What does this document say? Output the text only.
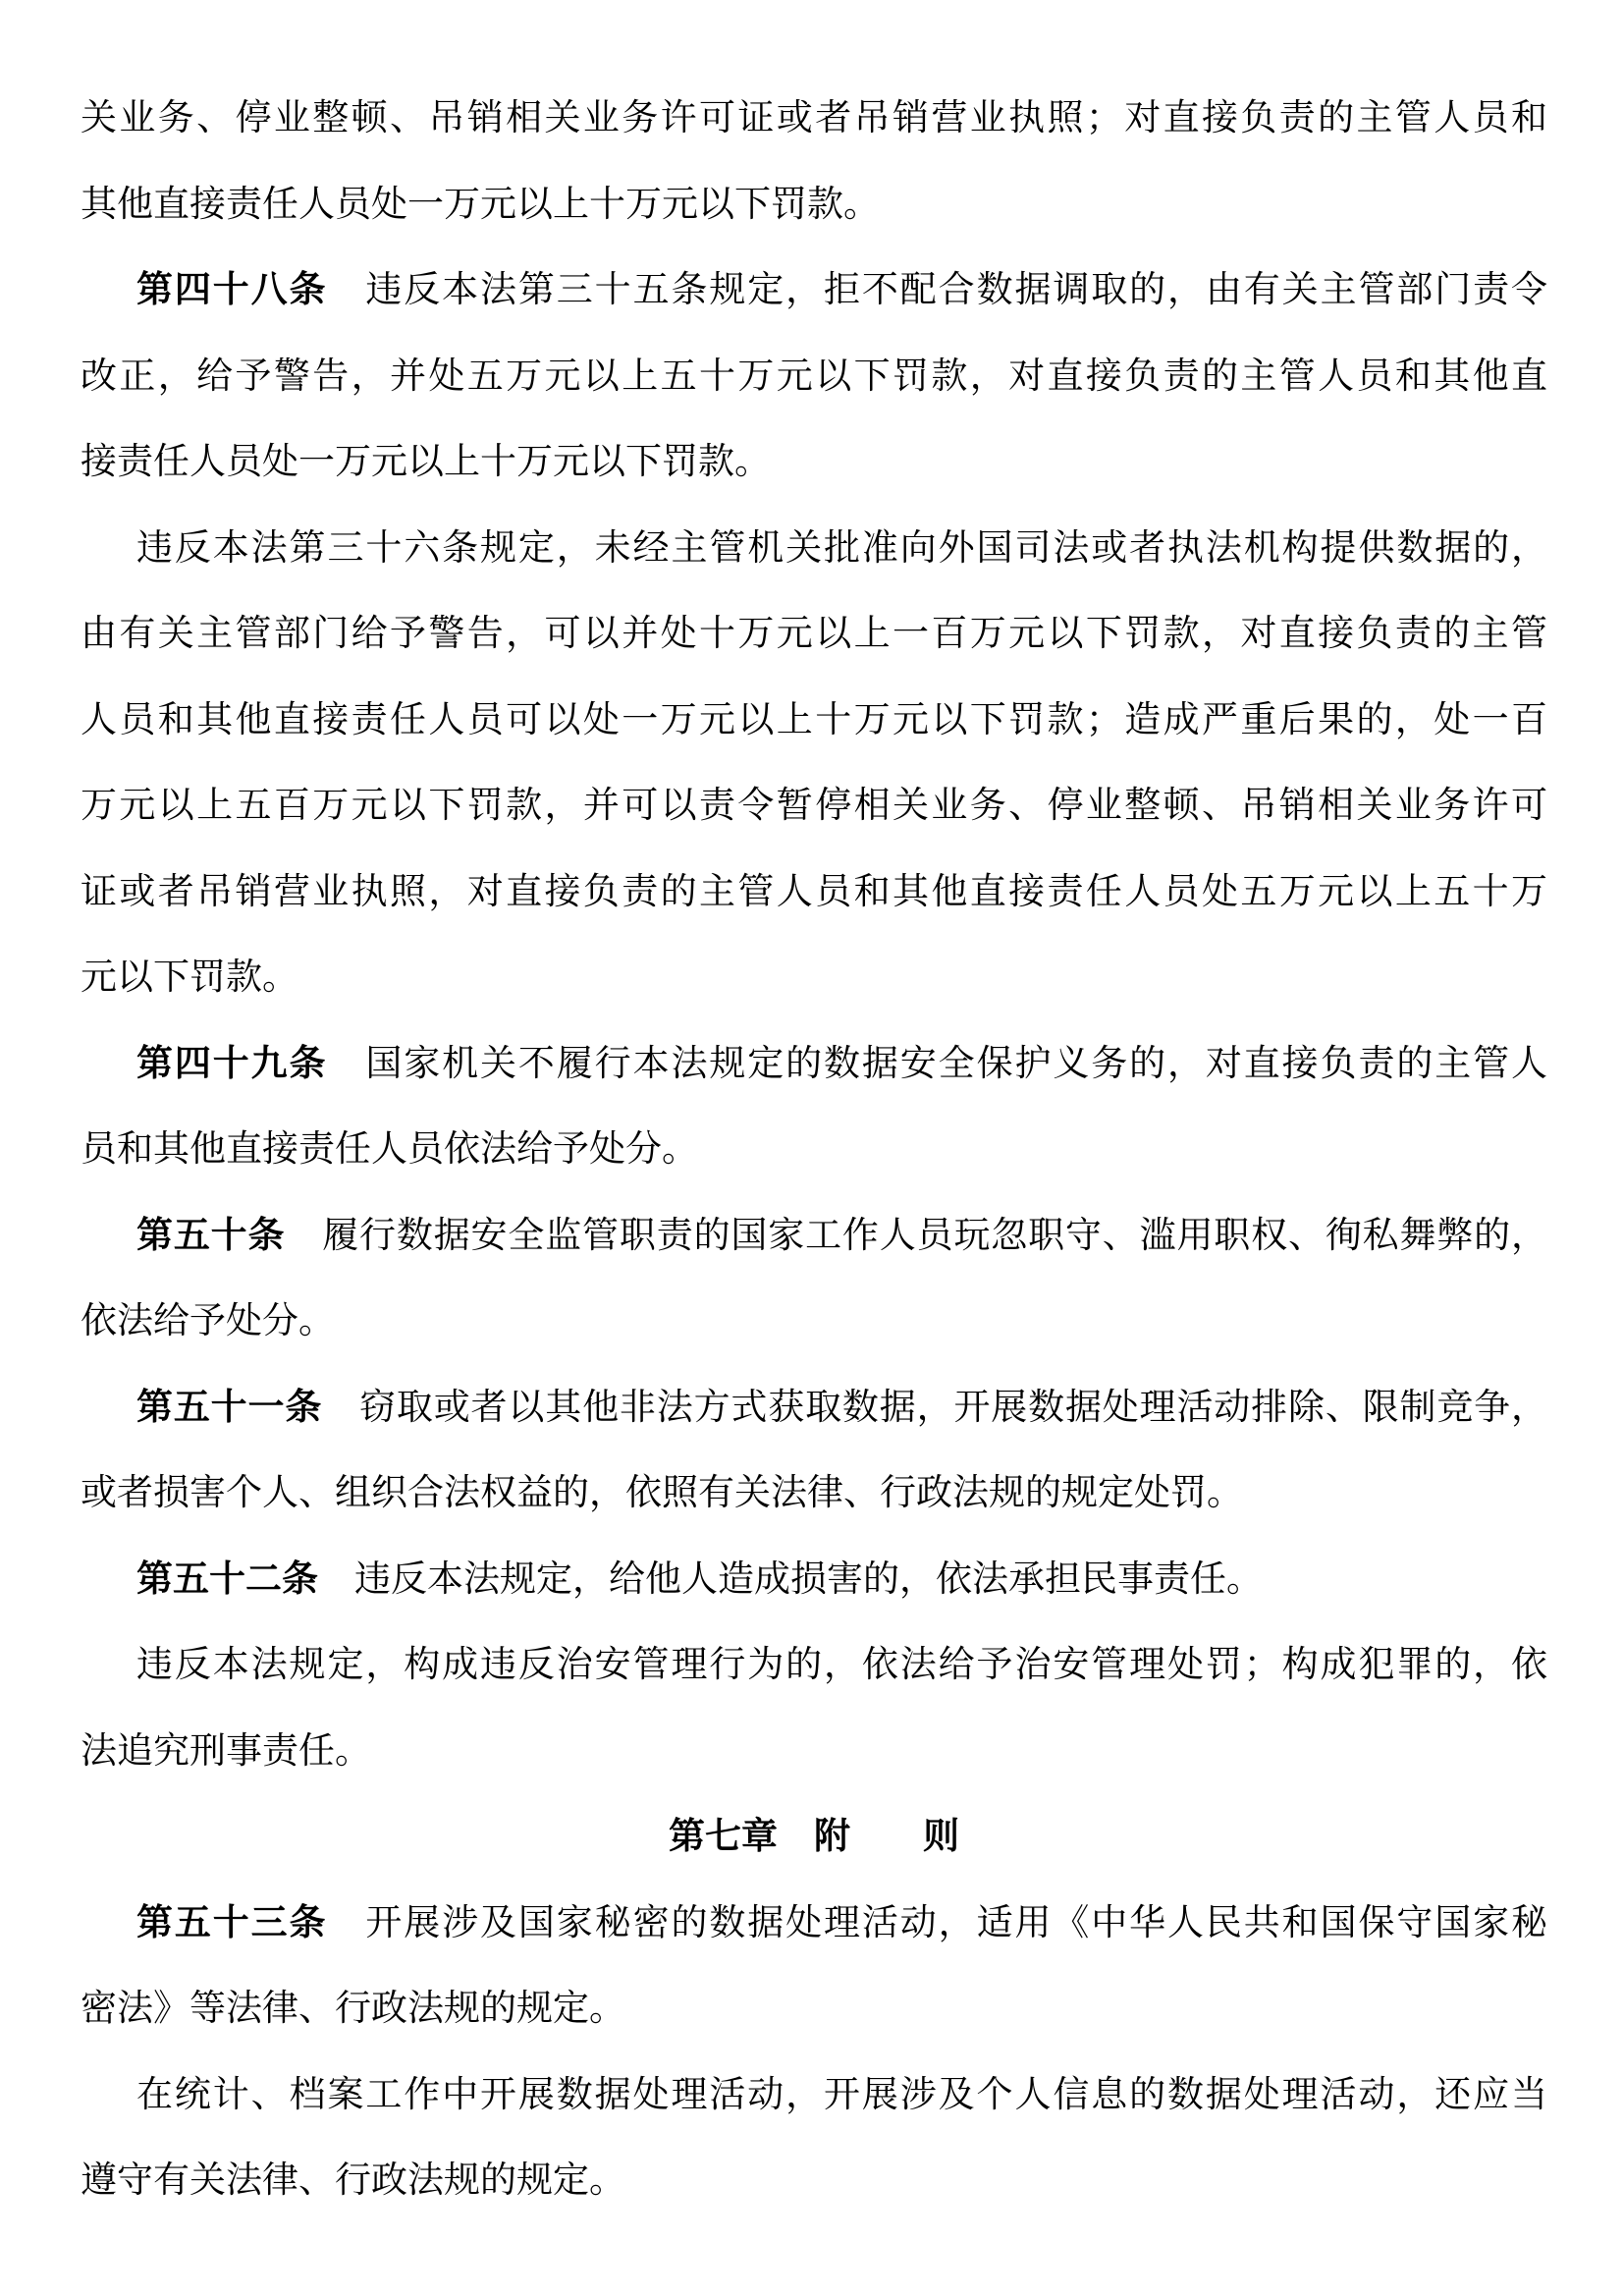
关业务、停业整顿、吊销相关业务许可证或者吊销营业执照；对直接负责的主管人员和
其他直接责任人员处一万元以上十万元以下罚款。
第四十八条 违反本法第三十五条规定，拒不配合数据调取的，由有关主管部门责令
改正，给予警告，并处五万元以上五十万元以下罚款，对直接负责的主管人员和其他直
接责任人员处一万元以上十万元以下罚款。
违反本法第三十六条规定，未经主管机关批准向外国司法或者执法机构提供数据的，
由有关主管部门给予警告，可以并处十万元以上一百万元以下罚款，对直接负责的主管
人员和其他直接责任人员可以处一万元以上十万元以下罚款；造成严重后果的，处一百
万元以上五百万元以下罚款，并可以责令暂停相关业务、停业整顿、吊销相关业务许可
证或者吊销营业执照，对直接负责的主管人员和其他直接责任人员处五万元以上五十万
元以下罚款。
第四十九条 国家机关不履行本法规定的数据安全保护义务的，对直接负责的主管人
员和其他直接责任人员依法给予处分。
第五十条 履行数据安全监管职责的国家工作人员玩忽职守、滥用职权、徇私舞弊的，
依法给予处分。
第五十一条 窃取或者以其他非法方式获取数据，开展数据处理活动排除、限制竞争，
或者损害个人、组织合法权益的，依照有关法律、行政法规的规定处罚。
第五十二条 违反本法规定，给他人造成损害的，依法承担民事责任。
违反本法规定，构成违反治安管理行为的，依法给予治安管理处罚；构成犯罪的，依
法追究刑事责任。
第七章　附　　则
第五十三条 开展涉及国家秘密的数据处理活动，适用《中华人民共和国保守国家秘
密法》等法律、行政法规的规定。
在统计、档案工作中开展数据处理活动，开展涉及个人信息的数据处理活动，还应当
遵守有关法律、行政法规的规定。
